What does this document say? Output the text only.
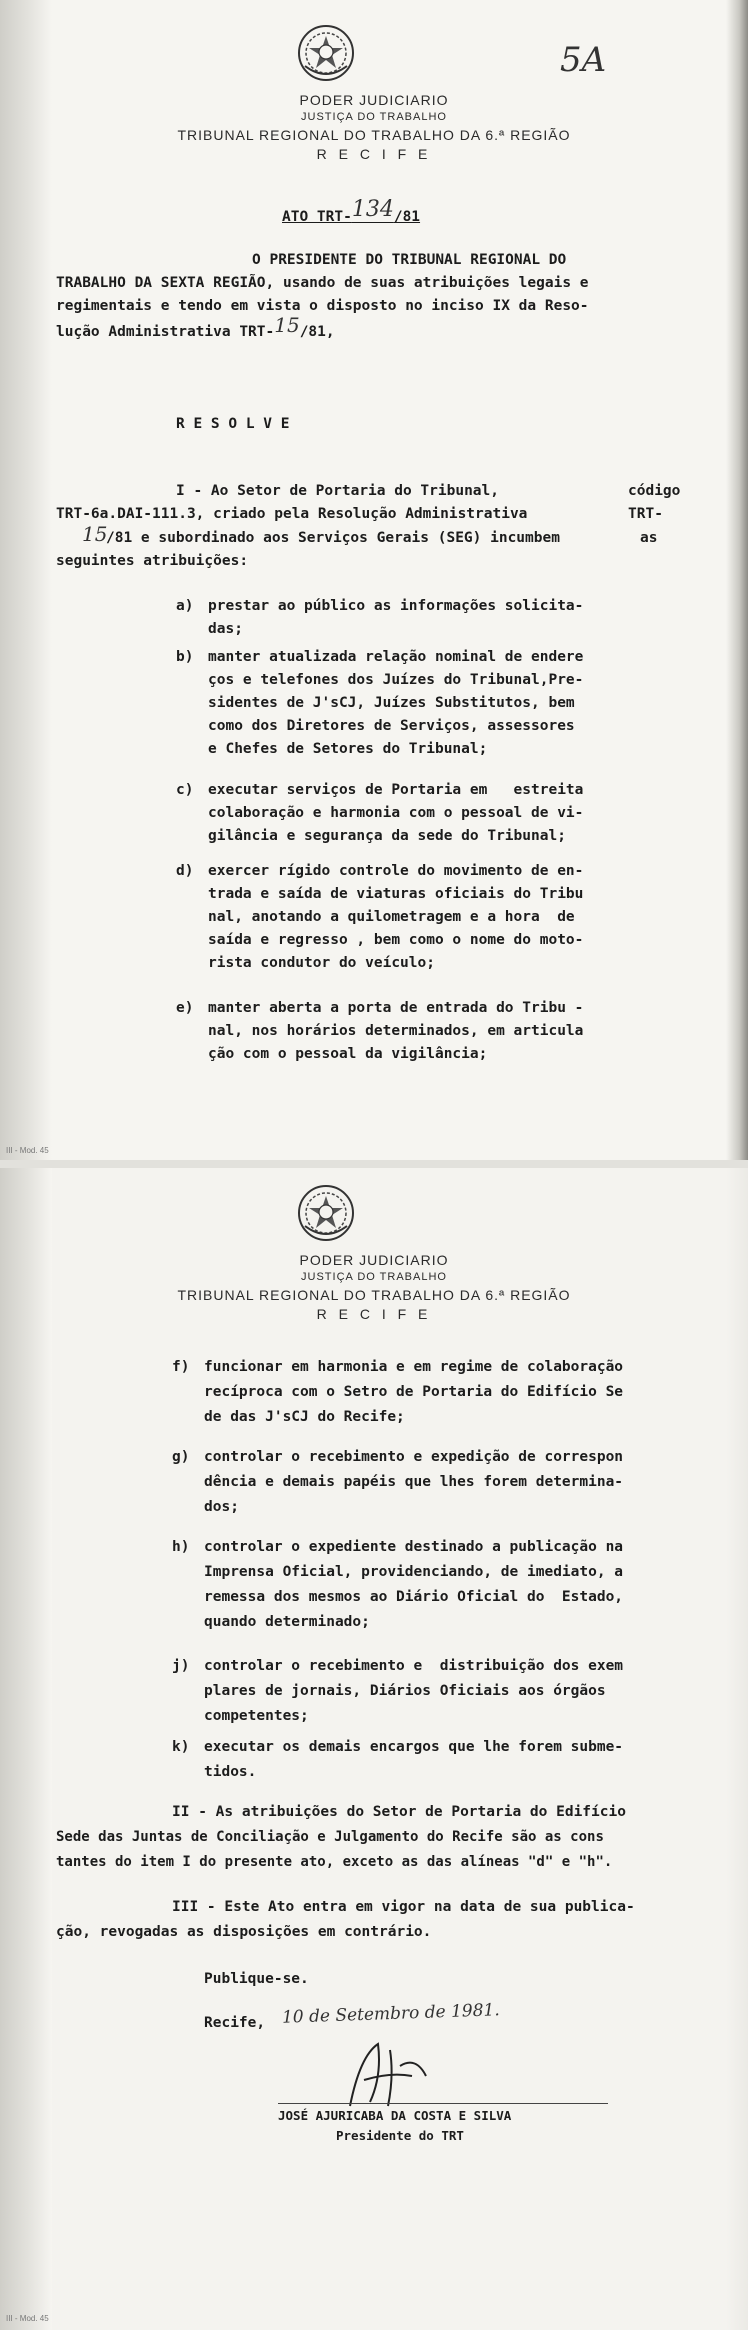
PODER JUDICIARIO
JUSTIÇA DO TRABALHO
TRIBUNAL REGIONAL DO TRABALHO DA 6.ª REGIÃO
R E C I F E
5A
ATO TRT-134/81
O PRESIDENTE DO TRIBUNAL REGIONAL DO
TRABALHO DA SEXTA REGIÃO, usando de suas atribuições legais e
regimentais e tendo em vista o disposto no inciso IX da Reso-
lução Administrativa TRT-15/81,
R E S O L V E
I - Ao Setor de Portaria do Tribunal,	código
TRT-6a.DAI-111.3, criado pela Resolução Administrativa	TRT-
15
/81 e subordinado aos Serviços Gerais (SEG) incumbem	as
seguintes atribuições:
a) prestar ao público as informações solicita-
das;
b) manter atualizada relação nominal de endere
ços e telefones dos Juízes do Tribunal,Pre-
sidentes de J'sCJ, Juízes Substitutos, bem
como dos Diretores de Serviços, assessores
e Chefes de Setores do Tribunal;
c) executar serviços de Portaria em   estreita
colaboração e harmonia com o pessoal de vi-
gilância e segurança da sede do Tribunal;
d) exercer rígido controle do movimento de en-
trada e saída de viaturas oficiais do Tribu
nal, anotando a quilometragem e a hora  de
saída e regresso , bem como o nome do moto-
rista condutor do veículo;
e) manter aberta a porta de entrada do Tribu -
nal, nos horários determinados, em articula
ção com o pessoal da vigilância;
III - Mod. 45
PODER JUDICIARIO
JUSTIÇA DO TRABALHO
TRIBUNAL REGIONAL DO TRABALHO DA 6.ª REGIÃO
R E C I F E
f) funcionar em harmonia e em regime de colaboração
recíproca com o Setro de Portaria do Edifício Se
de das J'sCJ do Recife;
g) controlar o recebimento e expedição de correspon
dência e demais papéis que lhes forem determina-
dos;
h) controlar o expediente destinado a publicação na
Imprensa Oficial, providenciando, de imediato, a
remessa dos mesmos ao Diário Oficial do  Estado,
quando determinado;
j) controlar o recebimento e  distribuição dos exem
plares de jornais, Diários Oficiais aos órgãos
competentes;
k) executar os demais encargos que lhe forem subme-
tidos.
II - As atribuições do Setor de Portaria do Edifício
Sede das Juntas de Conciliação e Julgamento do Recife são as cons
tantes do item I do presente ato, exceto as das alíneas "d" e "h".
III - Este Ato entra em vigor na data de sua publica-
ção, revogadas as disposições em contrário.
Publique-se.
Recife, 10 de Setembro de 1981.
JOSÉ AJURICABA DA COSTA E SILVA
Presidente do TRT
III - Mod. 45
